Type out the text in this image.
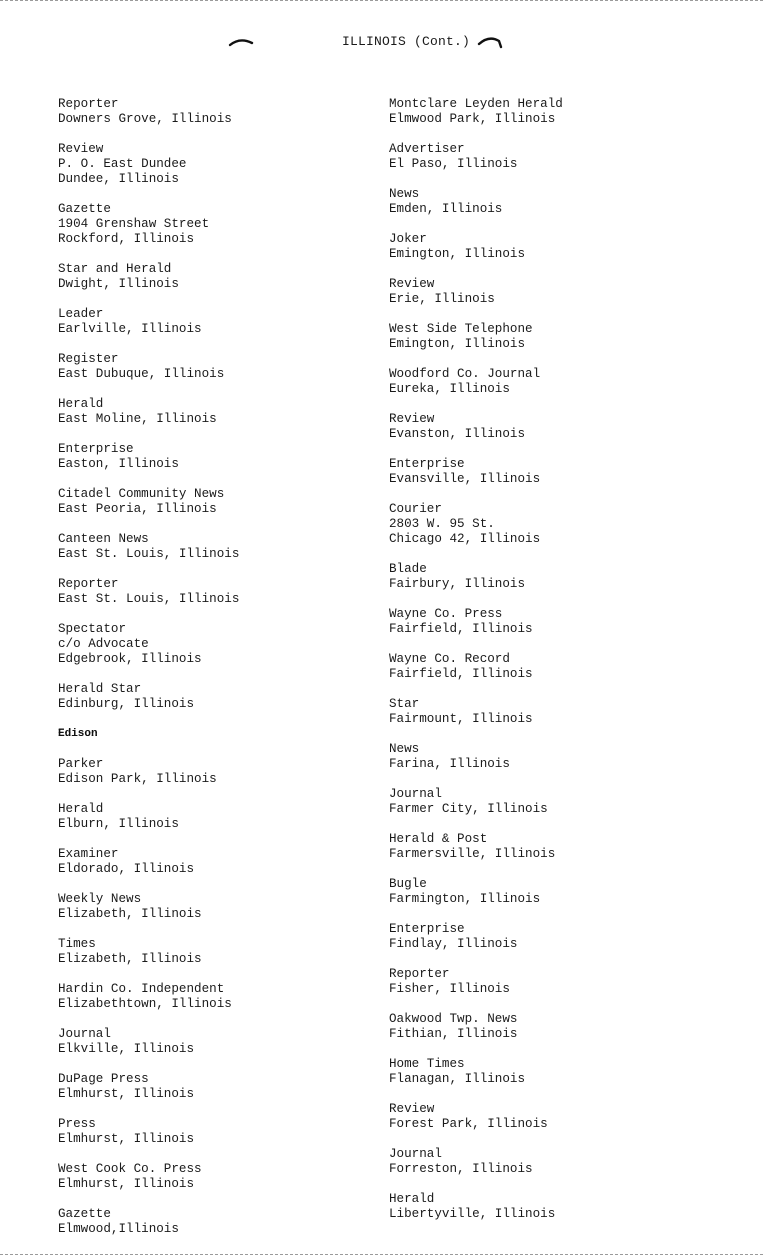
ILLINOIS (Cont.)
Reporter
Downers Grove, Illinois
Review
P. O. East Dundee
Dundee, Illinois
Gazette
1904 Grenshaw Street
Rockford, Illinois
Star and Herald
Dwight, Illinois
Leader
Earlville, Illinois
Register
East Dubuque, Illinois
Herald
East Moline, Illinois
Enterprise
Easton, Illinois
Citadel Community News
East Peoria, Illinois
Canteen News
East St. Louis, Illinois
Reporter
East St. Louis, Illinois
Spectator
c/o Advocate
Edgebrook, Illinois
Herald Star
Edinburg, Illinois
Edison
Parker
Edison Park, Illinois
Herald
Elburn, Illinois
Examiner
Eldorado, Illinois
Weekly News
Elizabeth, Illinois
Times
Elizabeth, Illinois
Hardin Co. Independent
Elizabethtown, Illinois
Journal
Elkville, Illinois
DuPage Press
Elmhurst, Illinois
Press
Elmhurst, Illinois
West Cook Co. Press
Elmhurst, Illinois
Gazette
Elmwood,Illinois
Montclare Leyden Herald
Elmwood Park, Illinois
Advertiser
El Paso, Illinois
News
Emden, Illinois
Joker
Emington, Illinois
Review
Erie, Illinois
West Side Telephone
Emington, Illinois
Woodford Co. Journal
Eureka, Illinois
Review
Evanston, Illinois
Enterprise
Evansville, Illinois
Courier
2803 W. 95 St.
Chicago 42, Illinois
Blade
Fairbury, Illinois
Wayne Co. Press
Fairfield, Illinois
Wayne Co. Record
Fairfield, Illinois
Star
Fairmount, Illinois
News
Farina, Illinois
Journal
Farmer City, Illinois
Herald & Post
Farmersville, Illinois
Bugle
Farmington, Illinois
Enterprise
Findlay, Illinois
Reporter
Fisher, Illinois
Oakwood Twp. News
Fithian, Illinois
Home Times
Flanagan, Illinois
Review
Forest Park, Illinois
Journal
Forreston, Illinois
Herald
Libertyville, Illinois
